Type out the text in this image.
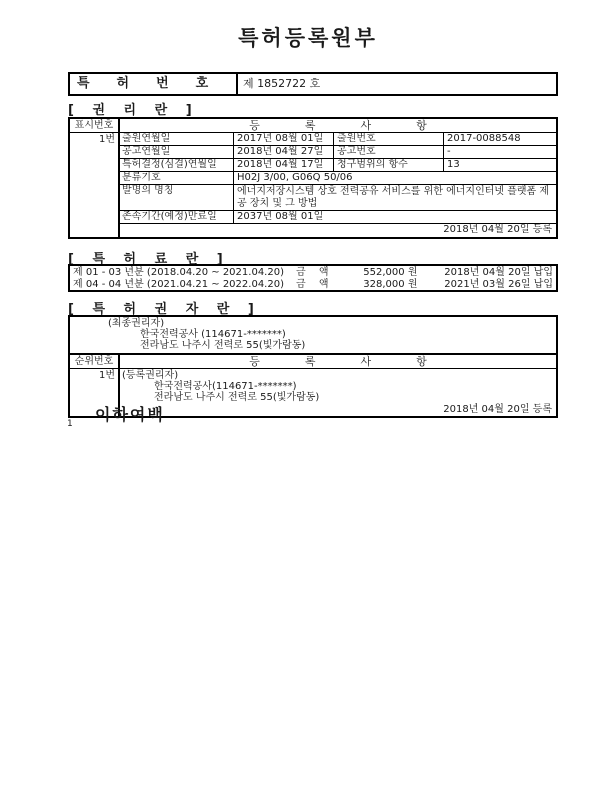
특허등록원부
특허번호 제 1852722 호
[ 권 리 란 ]
표시번호	등록사항
1번 출원연월일	2017년 08월 01일	출원번호	2017-0088548
공고연월일	2018년 04월 27일	공고번호	-
특허결정(심결)연월일	2018년 04월 17일	청구범위의 항수	13
분류기호	H02J 3/00, G06Q 50/06
발명의 명칭	에너지저장시스템 상호 전력공유 서비스를 위한 에너지인터넷 플랫폼 제공 장치 및 그 방법
존속기간(예정)만료일	2037년 08월 01일
2018년 04월 20일 등록
[ 특 허 료 란 ]
제 01 - 03 년분 (2018.04.20 ~ 2021.04.20) 금 액	552,000 원	2018년 04월 20일 납입
제 04 - 04 년분 (2021.04.21 ~ 2022.04.20) 금 액	328,000 원	2021년 03월 26일 납입
[ 특 허 권 자 란 ]
(최종권리자)
한국전력공사 (114671-*******)
전라남도 나주시 전력로 55(빛가람동)
순위번호	등록사항
1번 (등록권리자)
한국전력공사(114671-*******)
전라남도 나주시 전력로 55(빛가람동)
2018년 04월 20일 등록
이하여백
1
